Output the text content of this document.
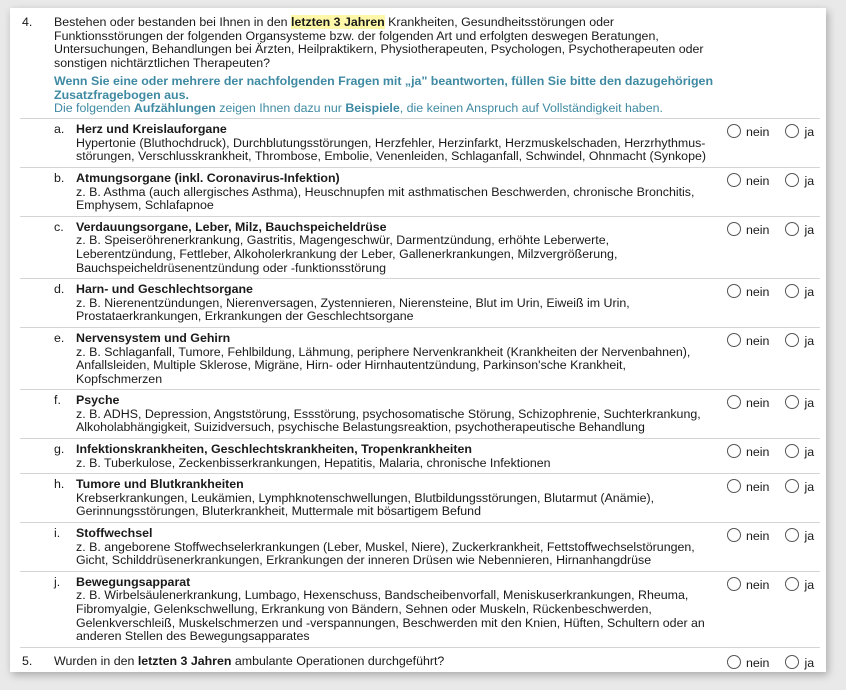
4. Bestehen oder bestanden bei Ihnen in den letzten 3 Jahren Krankheiten, Gesundheitsstörungen oder Funktionsstörungen der folgenden Organsysteme bzw. der folgenden Art und erfolgten deswegen Beratungen, Untersuchungen, Behandlungen bei Ärzten, Heilpraktikern, Physiotherapeuten, Psychologen, Psychotherapeuten oder sonstigen nichtärztlichen Therapeuten?
Wenn Sie eine oder mehrere der nachfolgenden Fragen mit „ja" beantworten, füllen Sie bitte den dazugehörigen Zusatzfragebogen aus.
Die folgenden Aufzählungen zeigen Ihnen dazu nur Beispiele, die keinen Anspruch auf Vollständigkeit haben.
a. Herz und Kreislauforgane
Hypertonie (Bluthochdruck), Durchblutungsstörungen, Herzfehler, Herzinfarkt, Herzmuskelschaden, Herzrhythmus-störungen, Verschlusskrankheit, Thrombose, Embolie, Venenleiden, Schlaganfall, Schwindel, Ohnmacht (Synkope)
nein	ja
b. Atmungsorgane (inkl. Coronavirus-Infektion)
z. B. Asthma (auch allergisches Asthma), Heuschnupfen mit asthmatischen Beschwerden, chronische Bronchitis, Emphysem, Schlafapnoe
nein	ja
c. Verdauungsorgane, Leber, Milz, Bauchspeicheldrüse
z. B. Speiseröhrenerkrankung, Gastritis, Magengeschwür, Darmentzündung, erhöhte Leberwerte, Leberentzündung, Fettleber, Alkoholerkrankung der Leber, Gallenerkrankungen, Milzvergrößerung, Bauchspeicheldrüsenentzündung oder -funktionsstörung
nein	ja
d. Harn- und Geschlechtsorgane
z. B. Nierenentzündungen, Nierenversagen, Zystennieren, Nierensteine, Blut im Urin, Eiweiß im Urin, Prostataerkrankungen, Erkrankungen der Geschlechtsorgane
nein	ja
e. Nervensystem und Gehirn
z. B. Schlaganfall, Tumore, Fehlbildung, Lähmung, periphere Nervenkrankheit (Krankheiten der Nervenbahnen), Anfallsleiden, Multiple Sklerose, Migräne, Hirn- oder Hirnhautentzündung, Parkinson'sche Krankheit, Kopfschmerzen
nein	ja
f. Psyche
z. B. ADHS, Depression, Angststörung, Essstörung, psychosomatische Störung, Schizophrenie, Suchterkrankung, Alkoholabhängigkeit, Suizidversuch, psychische Belastungsreaktion, psychotherapeutische Behandlung
nein	ja
g. Infektionskrankheiten, Geschlechtskrankheiten, Tropenkrankheiten
z. B. Tuberkulose, Zeckenbisserkrankungen, Hepatitis, Malaria, chronische Infektionen
nein	ja
h. Tumore und Blutkrankheiten
Krebserkrankungen, Leukämien, Lymphknotenschwellungen, Blutbildungsstörungen, Blutarmut (Anämie), Gerinnungsstörungen, Bluterkrankheit, Muttermale mit bösartigem Befund
nein	ja
i. Stoffwechsel
z. B. angeborene Stoffwechselerkrankungen (Leber, Muskel, Niere), Zuckerkrankheit, Fettstoffwechselstörungen, Gicht, Schilddrüsenerkrankungen, Erkrankungen der inneren Drüsen wie Nebennieren, Hirnanhangdrüse
nein	ja
j. Bewegungsapparat
z. B. Wirbelsäulenerkrankung, Lumbago, Hexenschuss, Bandscheibenvorfall, Meniskuserkrankungen, Rheuma, Fibromyalgie, Gelenkschwellung, Erkrankung von Bändern, Sehnen oder Muskeln, Rückenbeschwerden, Gelenkverschleiß, Muskelschmerzen und -verspannungen, Beschwerden mit den Knien, Hüften, Schultern oder an anderen Stellen des Bewegungsapparates
nein	ja
5. Wurden in den letzten 3 Jahren ambulante Operationen durchgeführt?	nein	ja
